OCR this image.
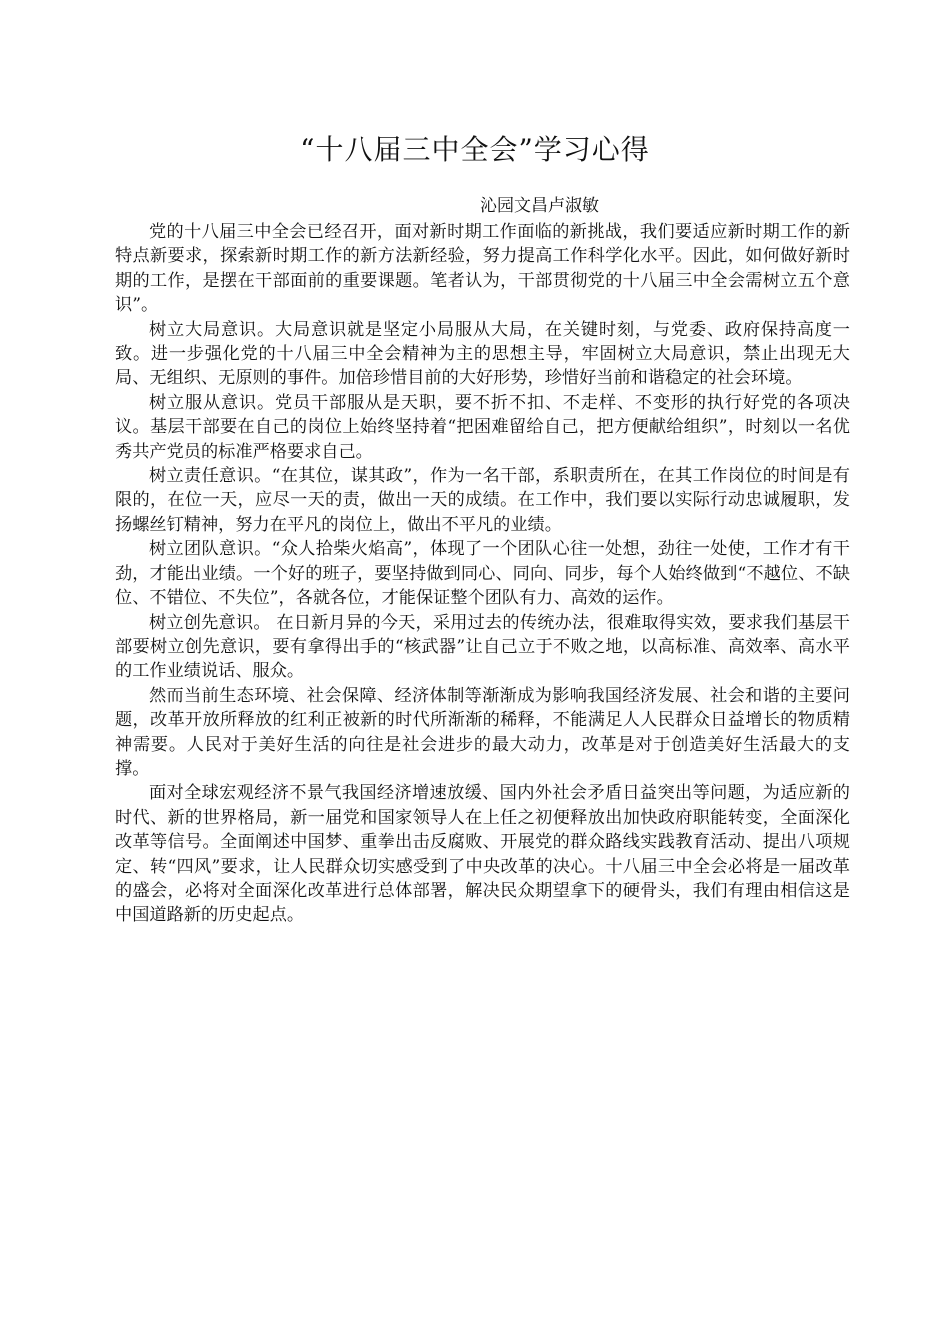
“十八届三中全会”学习心得

沁园文昌卢淑敏

党的十八届三中全会已经召开，面对新时期工作面临的新挑战，我们要适应新时期工作的新特点新要求，探索新时期工作的新方法新经验，努力提高工作科学化水平。因此，如何做好新时期的工作，是摆在干部面前的重要课题。笔者认为，干部贯彻党的十八届三中全会需树立五个意识”。

树立大局意识。大局意识就是坚定小局服从大局，在关键时刻，与党委、政府保持高度一致。进一步强化党的十八届三中全会精神为主的思想主导，牢固树立大局意识，禁止出现无大局、无组织、无原则的事件。加倍珍惜目前的大好形势，珍惜好当前和谐稳定的社会环境。

树立服从意识。党员干部服从是天职，要不折不扣、不走样、不变形的执行好党的各项决议。基层干部要在自己的岗位上始终坚持着“把困难留给自己，把方便献给组织”，时刻以一名优秀共产党员的标准严格要求自己。

树立责任意识。“在其位，谋其政”，作为一名干部，系职责所在，在其工作岗位的时间是有限的，在位一天，应尽一天的责，做出一天的成绩。在工作中，我们要以实际行动忠诚履职，发扬螺丝钉精神，努力在平凡的岗位上，做出不平凡的业绩。

树立团队意识。“众人拾柴火焰高”，体现了一个团队心往一处想，劲往一处使，工作才有干劲，才能出业绩。一个好的班子，要坚持做到同心、同向、同步，每个人始终做到“不越位、不缺位、不错位、不失位”，各就各位，才能保证整个团队有力、高效的运作。

树立创先意识。 在日新月异的今天，采用过去的传统办法，很难取得实效，要求我们基层干部要树立创先意识，要有拿得出手的“核武器”让自己立于不败之地，以高标准、高效率、高水平的工作业绩说话、服众。

然而当前生态环境、社会保障、经济体制等渐渐成为影响我国经济发展、社会和谐的主要问题，改革开放所释放的红利正被新的时代所渐渐的稀释，不能满足人人民群众日益增长的物质精神需要。人民对于美好生活的向往是社会进步的最大动力，改革是对于创造美好生活最大的支撑。

面对全球宏观经济不景气我国经济增速放缓、国内外社会矛盾日益突出等问题，为适应新的时代、新的世界格局，新一届党和国家领导人在上任之初便释放出加快政府职能转变，全面深化改革等信号。全面阐述中国梦、重拳出击反腐败、开展党的群众路线实践教育活动、提出八项规定、转“四风”要求，让人民群众切实感受到了中央改革的决心。十八届三中全会必将是一届改革的盛会，必将对全面深化改革进行总体部署，解决民众期望拿下的硬骨头，我们有理由相信这是中国道路新的历史起点。
